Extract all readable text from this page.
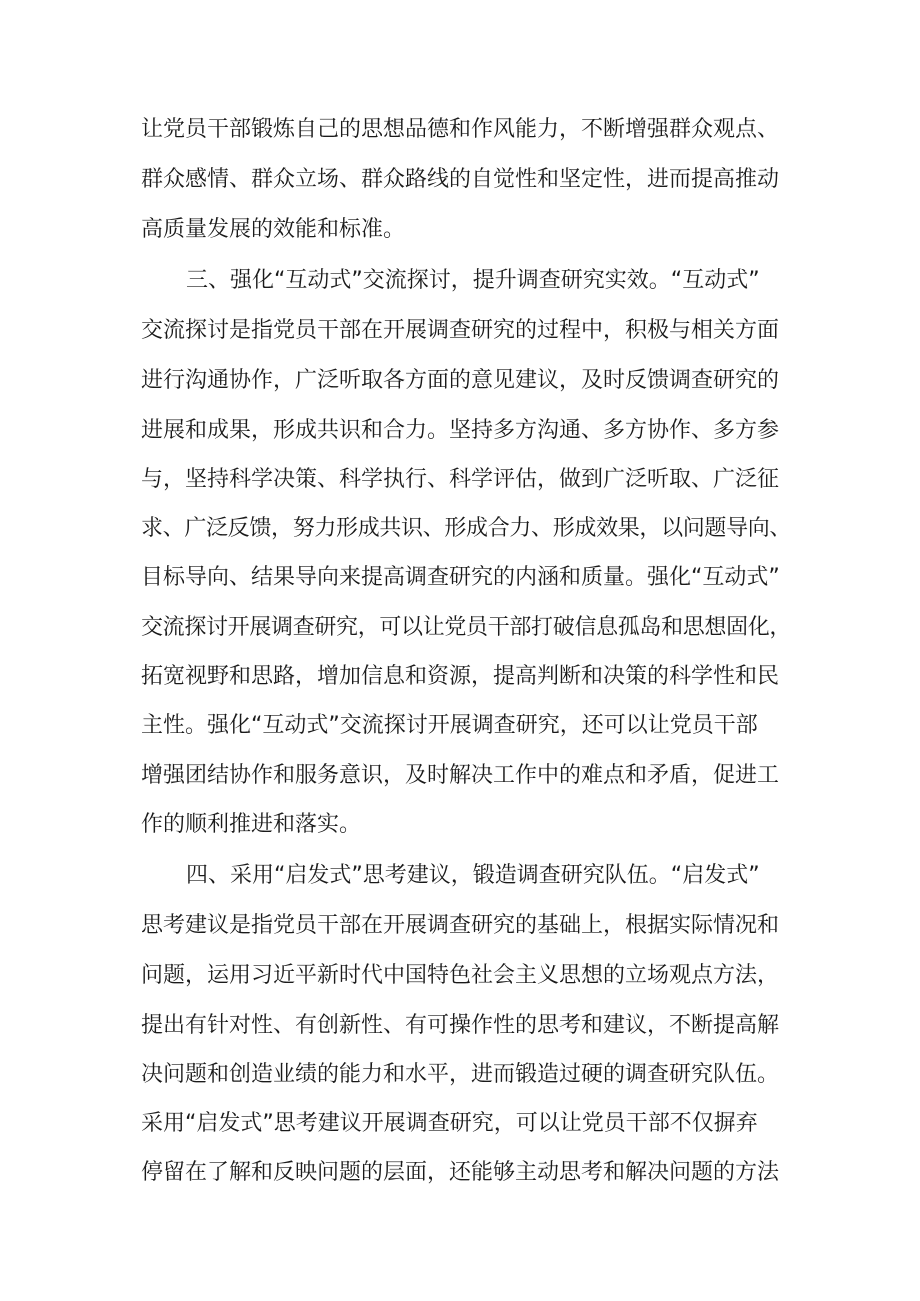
让党员干部锻炼自己的思想品德和作风能力，不断增强群众观点、
群众感情、群众立场、群众路线的自觉性和坚定性，进而提高推动
高质量发展的效能和标准。
三、强化“互动式”交流探讨，提升调查研究实效。“互动式”
交流探讨是指党员干部在开展调查研究的过程中，积极与相关方面
进行沟通协作，广泛听取各方面的意见建议，及时反馈调查研究的
进展和成果，形成共识和合力。坚持多方沟通、多方协作、多方参
与，坚持科学决策、科学执行、科学评估，做到广泛听取、广泛征
求、广泛反馈，努力形成共识、形成合力、形成效果，以问题导向、
目标导向、结果导向来提高调查研究的内涵和质量。强化“互动式”
交流探讨开展调查研究，可以让党员干部打破信息孤岛和思想固化，
拓宽视野和思路，增加信息和资源，提高判断和决策的科学性和民
主性。强化“互动式”交流探讨开展调查研究，还可以让党员干部
增强团结协作和服务意识，及时解决工作中的难点和矛盾，促进工
作的顺利推进和落实。
四、采用“启发式”思考建议，锻造调查研究队伍。“启发式”
思考建议是指党员干部在开展调查研究的基础上，根据实际情况和
问题，运用习近平新时代中国特色社会主义思想的立场观点方法，
提出有针对性、有创新性、有可操作性的思考和建议，不断提高解
决问题和创造业绩的能力和水平，进而锻造过硬的调查研究队伍。
采用“启发式”思考建议开展调查研究，可以让党员干部不仅摒弃
停留在了解和反映问题的层面，还能够主动思考和解决问题的方法
